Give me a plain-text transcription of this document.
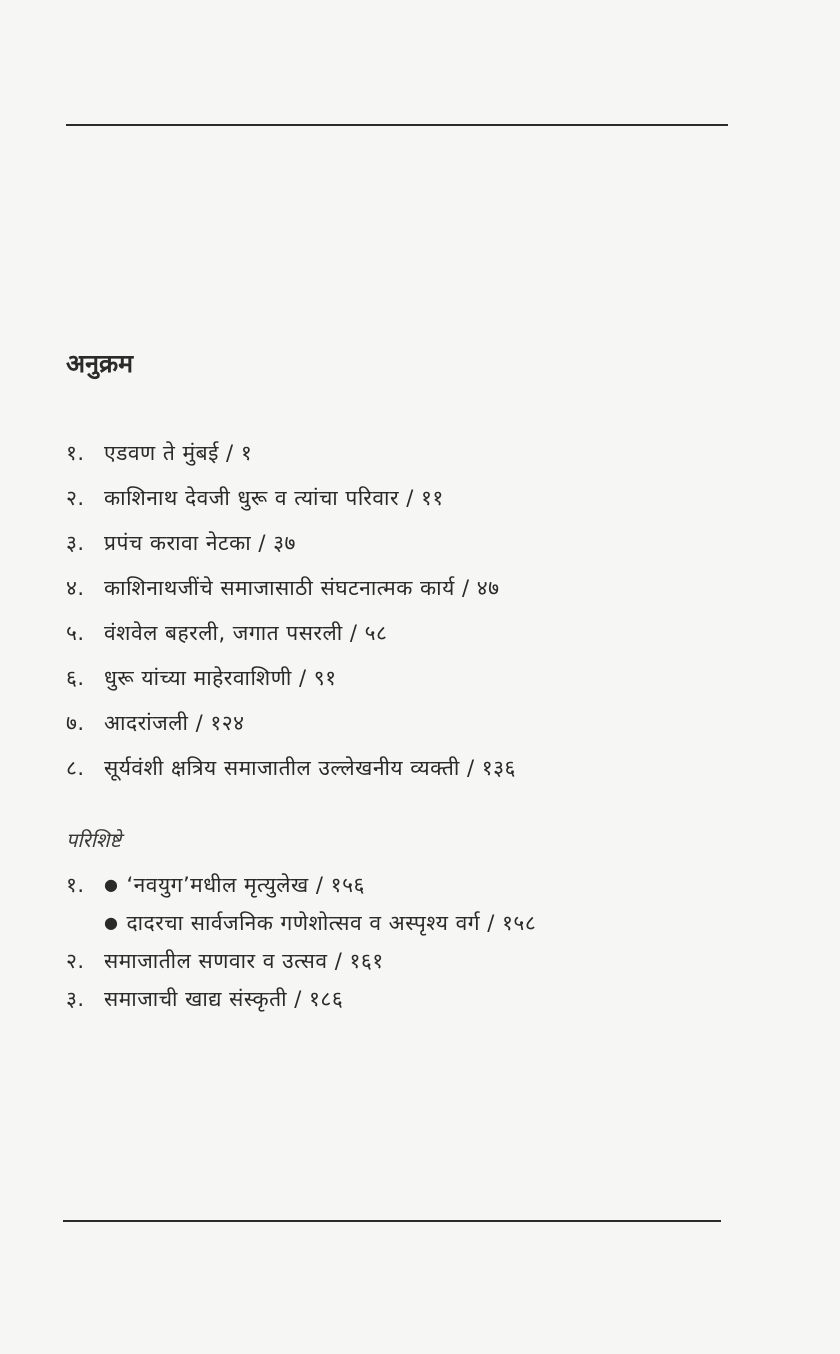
अनुक्रम
१. एडवण ते मुंबई / १
२. काशिनाथ देवजी धुरू व त्यांचा परिवार / ११
३. प्रपंच करावा नेटका / ३७
४. काशिनाथजींचे समाजासाठी संघटनात्मक कार्य / ४७
५. वंशवेल बहरली, जगात पसरली / ५८
६. धुरू यांच्या माहेरवाशिणी / ९१
७. आदरांजली / १२४
८. सूर्यवंशी क्षत्रिय समाजातील उल्लेखनीय व्यक्ती / १३६
परिशिष्टे
१. ● ‘नवयुग’मधील मृत्युलेख / १५६
● दादरचा सार्वजनिक गणेशोत्सव व अस्पृश्य वर्ग / १५८
२. समाजातील सणवार व उत्सव / १६१
३. समाजाची खाद्य संस्कृती / १८६
